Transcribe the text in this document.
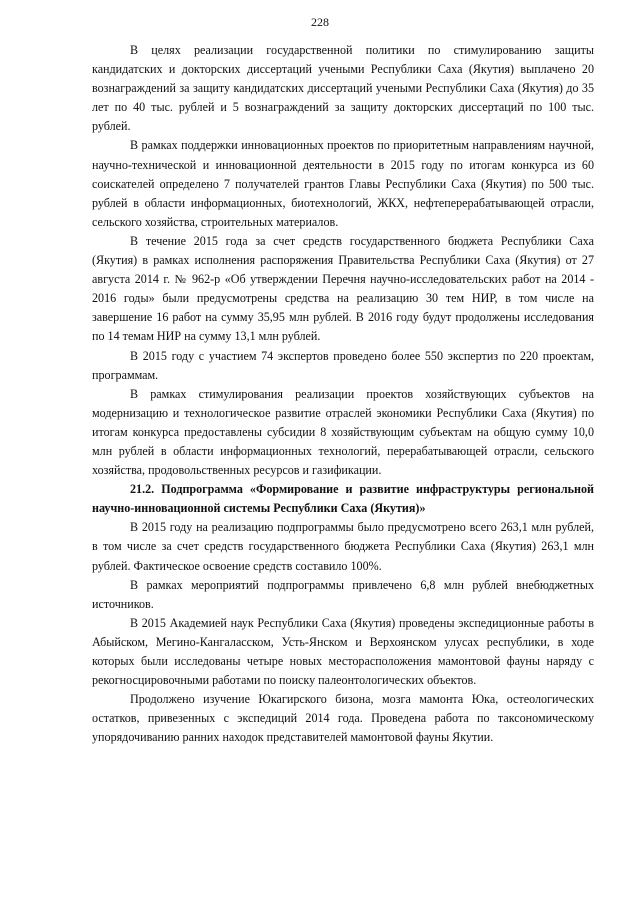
228

В целях реализации государственной политики по стимулированию защиты кандидатских и докторских диссертаций учеными Республики Саха (Якутия) выплачено 20 вознаграждений за защиту кандидатских диссертаций учеными Республики Саха (Якутия) до 35 лет по 40 тыс. рублей и 5 вознаграждений за защиту докторских диссертаций по 100 тыс. рублей.

В рамках поддержки инновационных проектов по приоритетным направлениям научной, научно-технической и инновационной деятельности в 2015 году по итогам конкурса из 60 соискателей определено 7 получателей грантов Главы Республики Саха (Якутия) по 500 тыс. рублей в области информационных, биотехнологий, ЖКХ, нефтеперерабатывающей отрасли, сельского хозяйства, строительных материалов.

В течение 2015 года за счет средств государственного бюджета Республики Саха (Якутия) в рамках исполнения распоряжения Правительства Республики Саха (Якутия) от 27 августа 2014 г. № 962-р «Об утверждении Перечня научно-исследовательских работ на 2014 - 2016 годы» были предусмотрены средства на реализацию 30 тем НИР, в том числе на завершение 16 работ на сумму 35,95 млн рублей. В 2016 году будут продолжены исследования по 14 темам НИР на сумму 13,1 млн рублей.

В 2015 году с участием 74 экспертов проведено более 550 экспертиз по 220 проектам, программам.

В рамках стимулирования реализации проектов хозяйствующих субъектов на модернизацию и технологическое развитие отраслей экономики Республики Саха (Якутия) по итогам конкурса предоставлены субсидии 8 хозяйствующим субъектам на общую сумму 10,0 млн рублей в области информационных технологий, перерабатывающей отрасли, сельского хозяйства, продовольственных ресурсов и газификации.

21.2. Подпрограмма «Формирование и развитие инфраструктуры региональной научно-инновационной системы Республики Саха (Якутия)»

В 2015 году на реализацию подпрограммы было предусмотрено всего 263,1 млн рублей, в том числе за счет средств государственного бюджета Республики Саха (Якутия) 263,1 млн рублей. Фактическое освоение средств составило 100%.

В рамках мероприятий подпрограммы привлечено 6,8 млн рублей внебюджетных источников.

В 2015 Академией наук Республики Саха (Якутия) проведены экспедиционные работы в Абыйском, Мегино-Кангаласском, Усть-Янском и Верхоянском улусах республики, в ходе которых были исследованы четыре новых месторасположения мамонтовой фауны наряду с рекогносцировочными работами по поиску палеонтологических объектов.

Продолжено изучение Юкагирского бизона, мозга мамонта Юка, остеологических остатков, привезенных с экспедиций 2014 года. Проведена работа по таксономическому упорядочиванию ранних находок представителей мамонтовой фауны Якутии.
